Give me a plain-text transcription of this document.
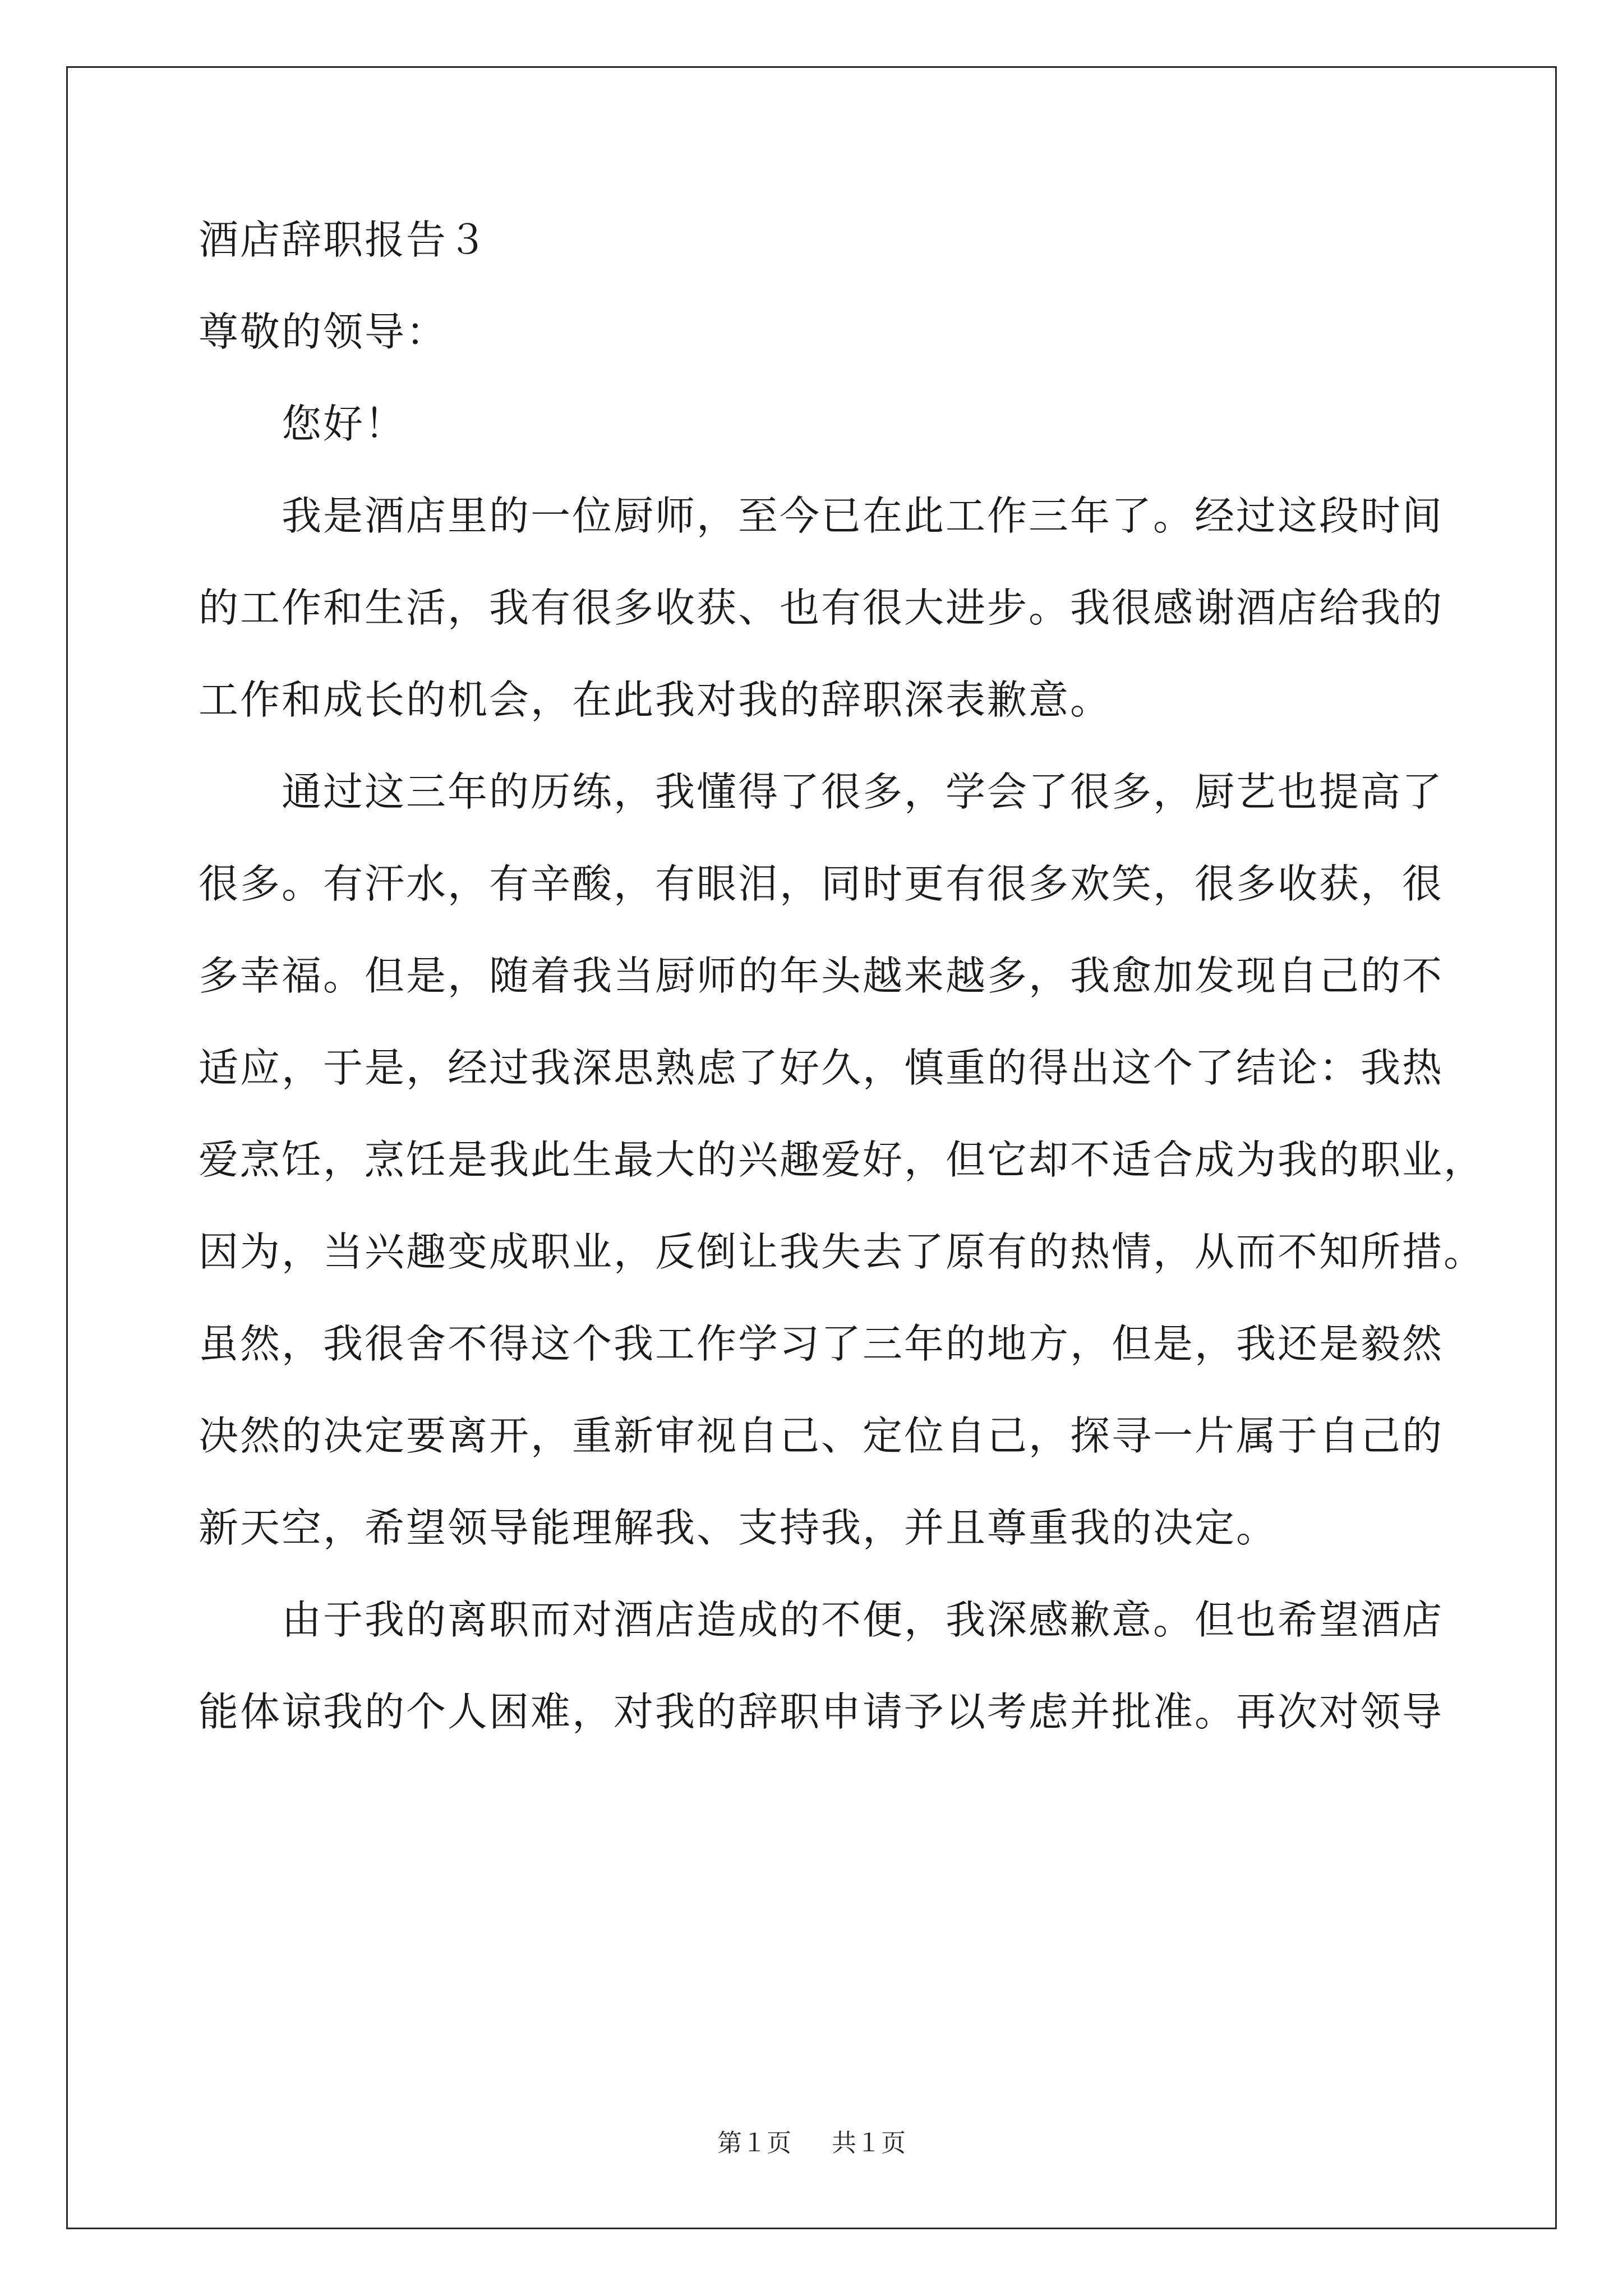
酒店辞职报告３

尊敬的领导：

您好！

我是酒店里的一位厨师，至今已在此工作三年了。经过这段时间

的工作和生活，我有很多收获、也有很大进步。我很感谢酒店给我的

工作和成长的机会，在此我对我的辞职深表歉意。

通过这三年的历练，我懂得了很多，学会了很多，厨艺也提高了

很多。有汗水，有辛酸，有眼泪，同时更有很多欢笑，很多收获，很

多幸福。但是，随着我当厨师的年头越来越多，我愈加发现自己的不

适应，于是，经过我深思熟虑了好久，慎重的得出这个了结论：我热

爱烹饪，烹饪是我此生最大的兴趣爱好，但它却不适合成为我的职业，

因为，当兴趣变成职业，反倒让我失去了原有的热情，从而不知所措。

虽然，我很舍不得这个我工作学习了三年的地方，但是，我还是毅然

决然的决定要离开，重新审视自己、定位自己，探寻一片属于自己的

新天空，希望领导能理解我、支持我，并且尊重我的决定。

由于我的离职而对酒店造成的不便，我深感歉意。但也希望酒店

能体谅我的个人困难，对我的辞职申请予以考虑并批准。再次对领导

第１页 共１页
